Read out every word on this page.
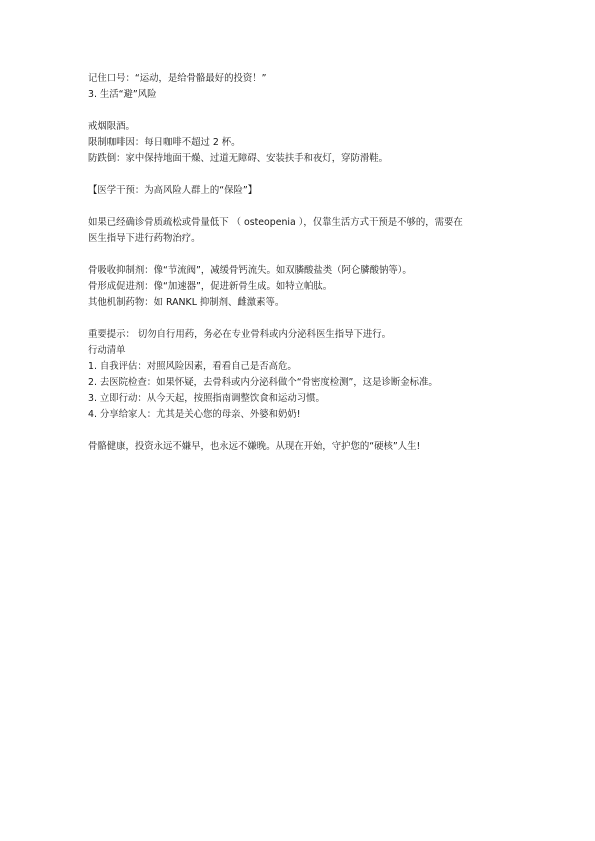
记住口号：“运动，是给骨骼最好的投资！”
3. 生活“避”风险
戒烟限酒。
限制咖啡因：每日咖啡不超过 2 杯。
防跌倒：家中保持地面干燥、过道无障碍、安装扶手和夜灯，穿防滑鞋。
【医学干预：为高风险人群上的“保险”】
如果已经确诊骨质疏松或骨量低下 （ osteopenia ），仅靠生活方式干预是不够的，需要在
医生指导下进行药物治疗。
骨吸收抑制剂：像“节流阀”，减缓骨钙流失。如双膦酸盐类（阿仑膦酸钠等）。
骨形成促进剂：像“加速器”，促进新骨生成。如特立帕肽。
其他机制药物：如 RANKL 抑制剂、雌激素等。
重要提示： 切勿自行用药，务必在专业骨科或内分泌科医生指导下进行。
行动清单
1. 自我评估：对照风险因素，看看自己是否高危。
2. 去医院检查：如果怀疑，去骨科或内分泌科做个“骨密度检测”，这是诊断金标准。
3. 立即行动：从今天起，按照指南调整饮食和运动习惯。
4. 分享给家人：尤其是关心您的母亲、外婆和奶奶!
骨骼健康，投资永远不嫌早，也永远不嫌晚。从现在开始，守护您的“硬核”人生!
